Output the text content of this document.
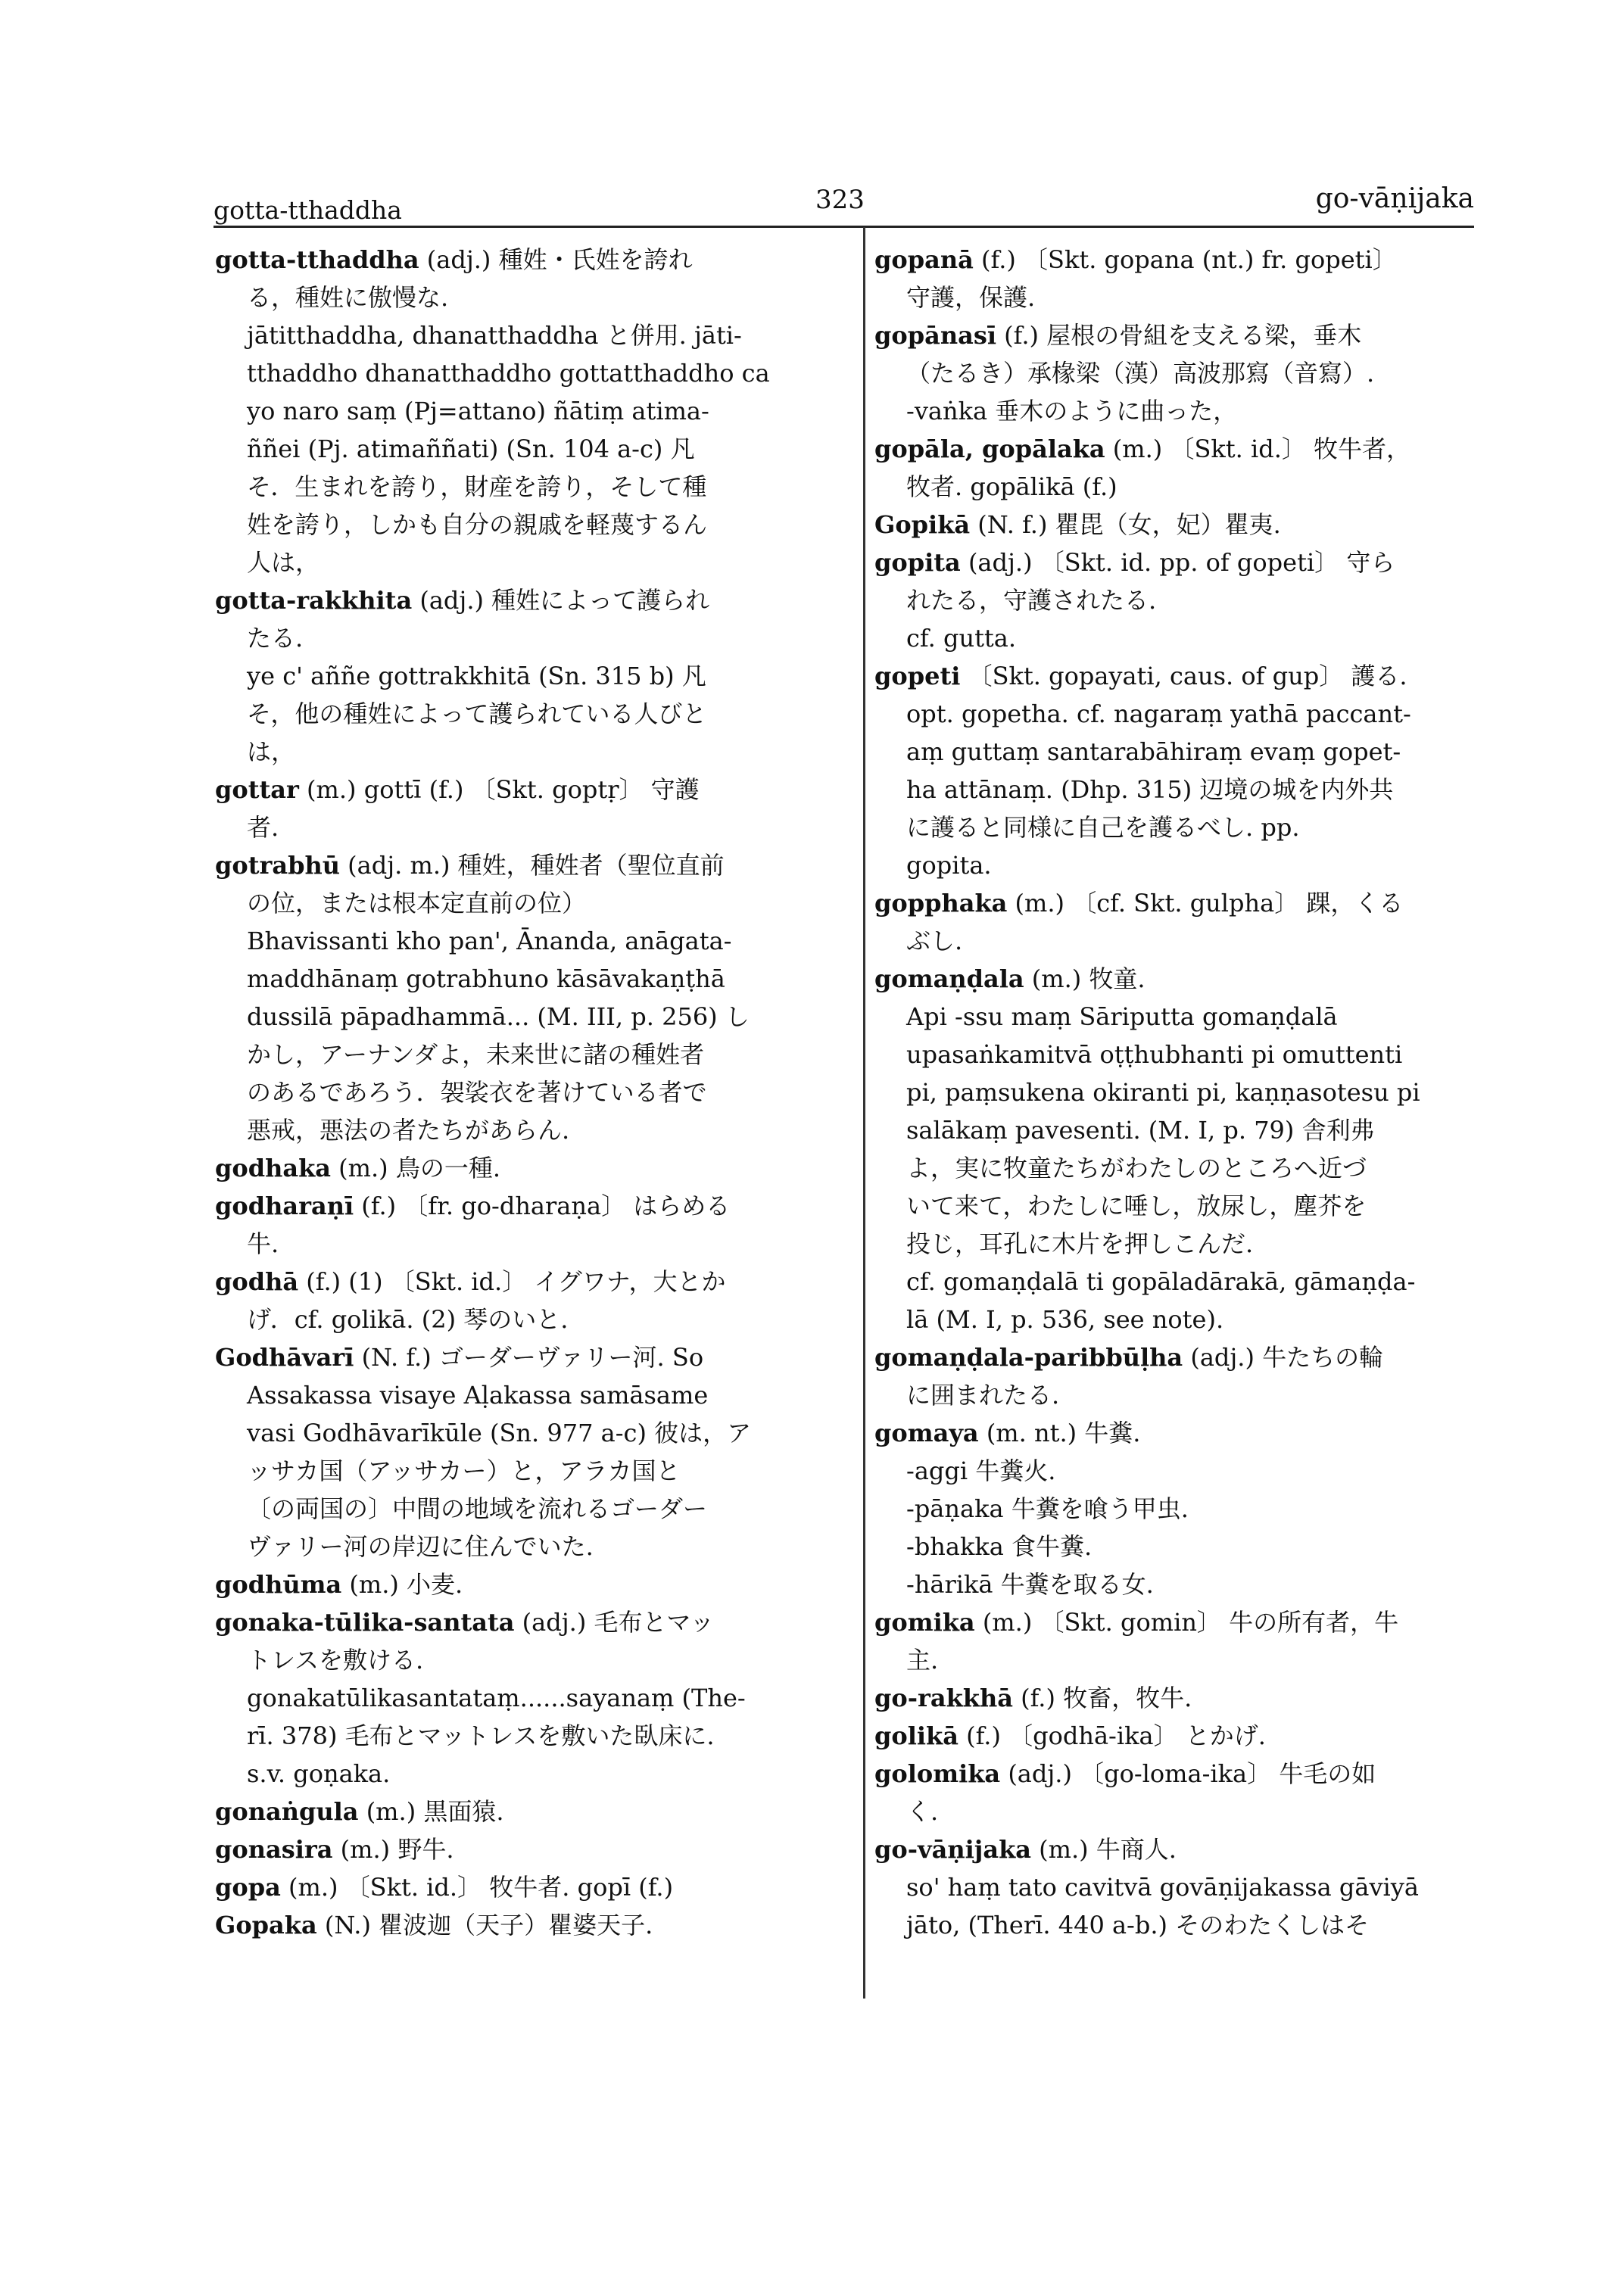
gotta-tthaddha	323	go-vāṇijaka
gotta-tthaddha (adj.) 種姓・氏姓を誇れ
る，種姓に傲慢な.
jātitthaddha, dhanatthaddha と併用. jāti-
tthaddho dhanatthaddho gottatthaddho ca
yo naro saṃ (Pj=attano) ñātiṃ atima-
ññei (Pj. atimaññati) (Sn. 104 a-c) 凡
そ．生まれを誇り，財産を誇り，そして種
姓を誇り，しかも自分の親戚を軽蔑するん
人は，
gotta-rakkhita (adj.) 種姓によって護られ
たる.
ye c' aññe gottrakkhitā (Sn. 315 b) 凡
そ，他の種姓によって護られている人びと
は，
gottar (m.) gottī (f.) 〔Skt. goptṛ〕 守護
者.
gotrabhū (adj. m.) 種姓，種姓者（聖位直前
の位，または根本定直前の位）
Bhavissanti kho pan', Ānanda, anāgata-
maddhānaṃ gotrabhuno kāsāvakaṇṭhā
dussilā pāpadhammā... (M. III, p. 256) し
かし，アーナンダよ，未来世に諸の種姓者
のあるであろう．袈裟衣を著けている者で
悪戒，悪法の者たちがあらん.
godhaka (m.) 鳥の一種.
godharaṇī (f.) 〔fr. go-dharaṇa〕 はらめる
牛.
godhā (f.) (1) 〔Skt. id.〕 イグワナ，大とか
げ．cf. golikā. (2) 琴のいと.
Godhāvarī (N. f.) ゴーダーヴァリー河. So
Assakassa visaye Aḷakassa samāsame
vasi Godhāvarīkūle (Sn. 977 a-c) 彼は，ア
ッサカ国（アッサカー）と，アラカ国と
〔の両国の〕中間の地域を流れるゴーダー
ヴァリー河の岸辺に住んでいた.
godhūma (m.) 小麦.
gonaka-tūlika-santata (adj.) 毛布とマッ
トレスを敷ける.
gonakatūlikasantataṃ......sayanaṃ (The-
rī. 378) 毛布とマットレスを敷いた臥床に.
s.v. goṇaka.
gonaṅgula (m.) 黒面猿.
gonasira (m.) 野牛.
gopa (m.) 〔Skt. id.〕 牧牛者. gopī (f.)
Gopaka (N.) 瞿波迦（天子）瞿婆天子.
gopanā (f.) 〔Skt. gopana (nt.) fr. gopeti〕
守護，保護.
gopānasī (f.) 屋根の骨組を支える梁，垂木
（たるき）承椽梁（漢）高波那寫（音寫）.
-vaṅka 垂木のように曲った，
gopāla, gopālaka (m.) 〔Skt. id.〕 牧牛者，
牧者. gopālikā (f.)
Gopikā (N. f.) 瞿毘（女，妃）瞿夷.
gopita (adj.) 〔Skt. id. pp. of gopeti〕 守ら
れたる，守護されたる.
cf. gutta.
gopeti 〔Skt. gopayati, caus. of gup〕 護る.
opt. gopetha. cf. nagaraṃ yathā paccant-
aṃ guttaṃ santarabāhiraṃ evaṃ gopet-
ha attānaṃ. (Dhp. 315) 辺境の城を内外共
に護ると同様に自己を護るべし. pp.
gopita.
gopphaka (m.) 〔cf. Skt. gulpha〕 踝，くる
ぶし.
gomaṇḍala (m.) 牧童.
Api -ssu maṃ Sāriputta gomaṇḍalā
upasaṅkamitvā oṭṭhubhanti pi omuttenti
pi, paṃsukena okiranti pi, kaṇṇasotesu pi
salākaṃ pavesenti. (M. I, p. 79) 舎利弗
よ，実に牧童たちがわたしのところへ近づ
いて来て，わたしに唾し，放尿し，塵芥を
投じ，耳孔に木片を押しこんだ.
cf. gomaṇḍalā ti gopāladārakā, gāmaṇḍa-
lā (M. I, p. 536, see note).
gomaṇḍala-paribbūḷha (adj.) 牛たちの輪
に囲まれたる.
gomaya (m. nt.) 牛糞.
-aggi 牛糞火.
-pāṇaka 牛糞を喰う甲虫.
-bhakka 食牛糞.
-hārikā 牛糞を取る女.
gomika (m.) 〔Skt. gomin〕 牛の所有者，牛
主.
go-rakkhā (f.) 牧畜，牧牛.
golikā (f.) 〔godhā-ika〕 とかげ.
golomika (adj.) 〔go-loma-ika〕 牛毛の如
く.
go-vāṇijaka (m.) 牛商人.
so' haṃ tato cavitvā govāṇijakassa gāviyā
jāto, (Therī. 440 a-b.) そのわたくしはそ
